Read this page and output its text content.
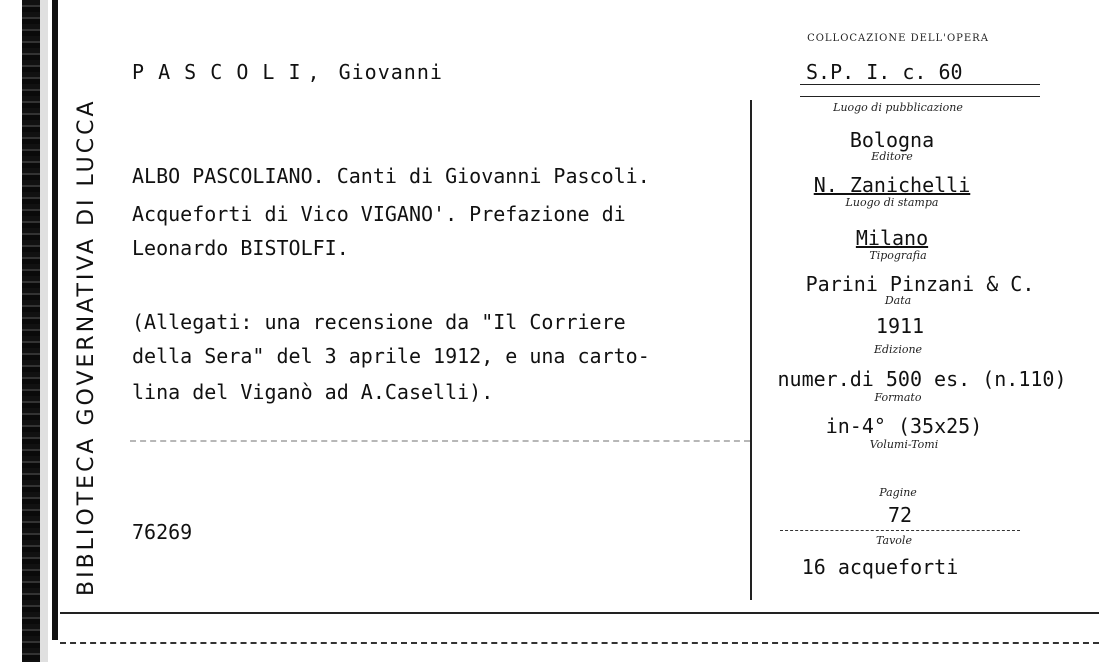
BIBLIOTECA GOVERNATIVA DI LUCCA
P A S C O L I , Giovanni
ALBO PASCOLIANO. Canti di Giovanni Pascoli.
Acqueforti di Vico VIGANO'. Prefazione di
Leonardo BISTOLFI.
(Allegati: una recensione da "Il Corriere
della Sera" del 3 aprile 1912, e una carto-
lina del Viganò ad A.Caselli).
76269
COLLOCAZIONE DELL'OPERA
S.P. I. c. 60
Luogo di pubblicazione
Bologna
Editore
N. Zanichelli
Luogo di stampa
Milano
Tipografia
Parini Pinzani & C.
Data
1911
Edizione
numer.di 500 es. (n.110)
Formato
in-4° (35x25)
Volumi-Tomi
Pagine
72
Tavole
16 acqueforti
